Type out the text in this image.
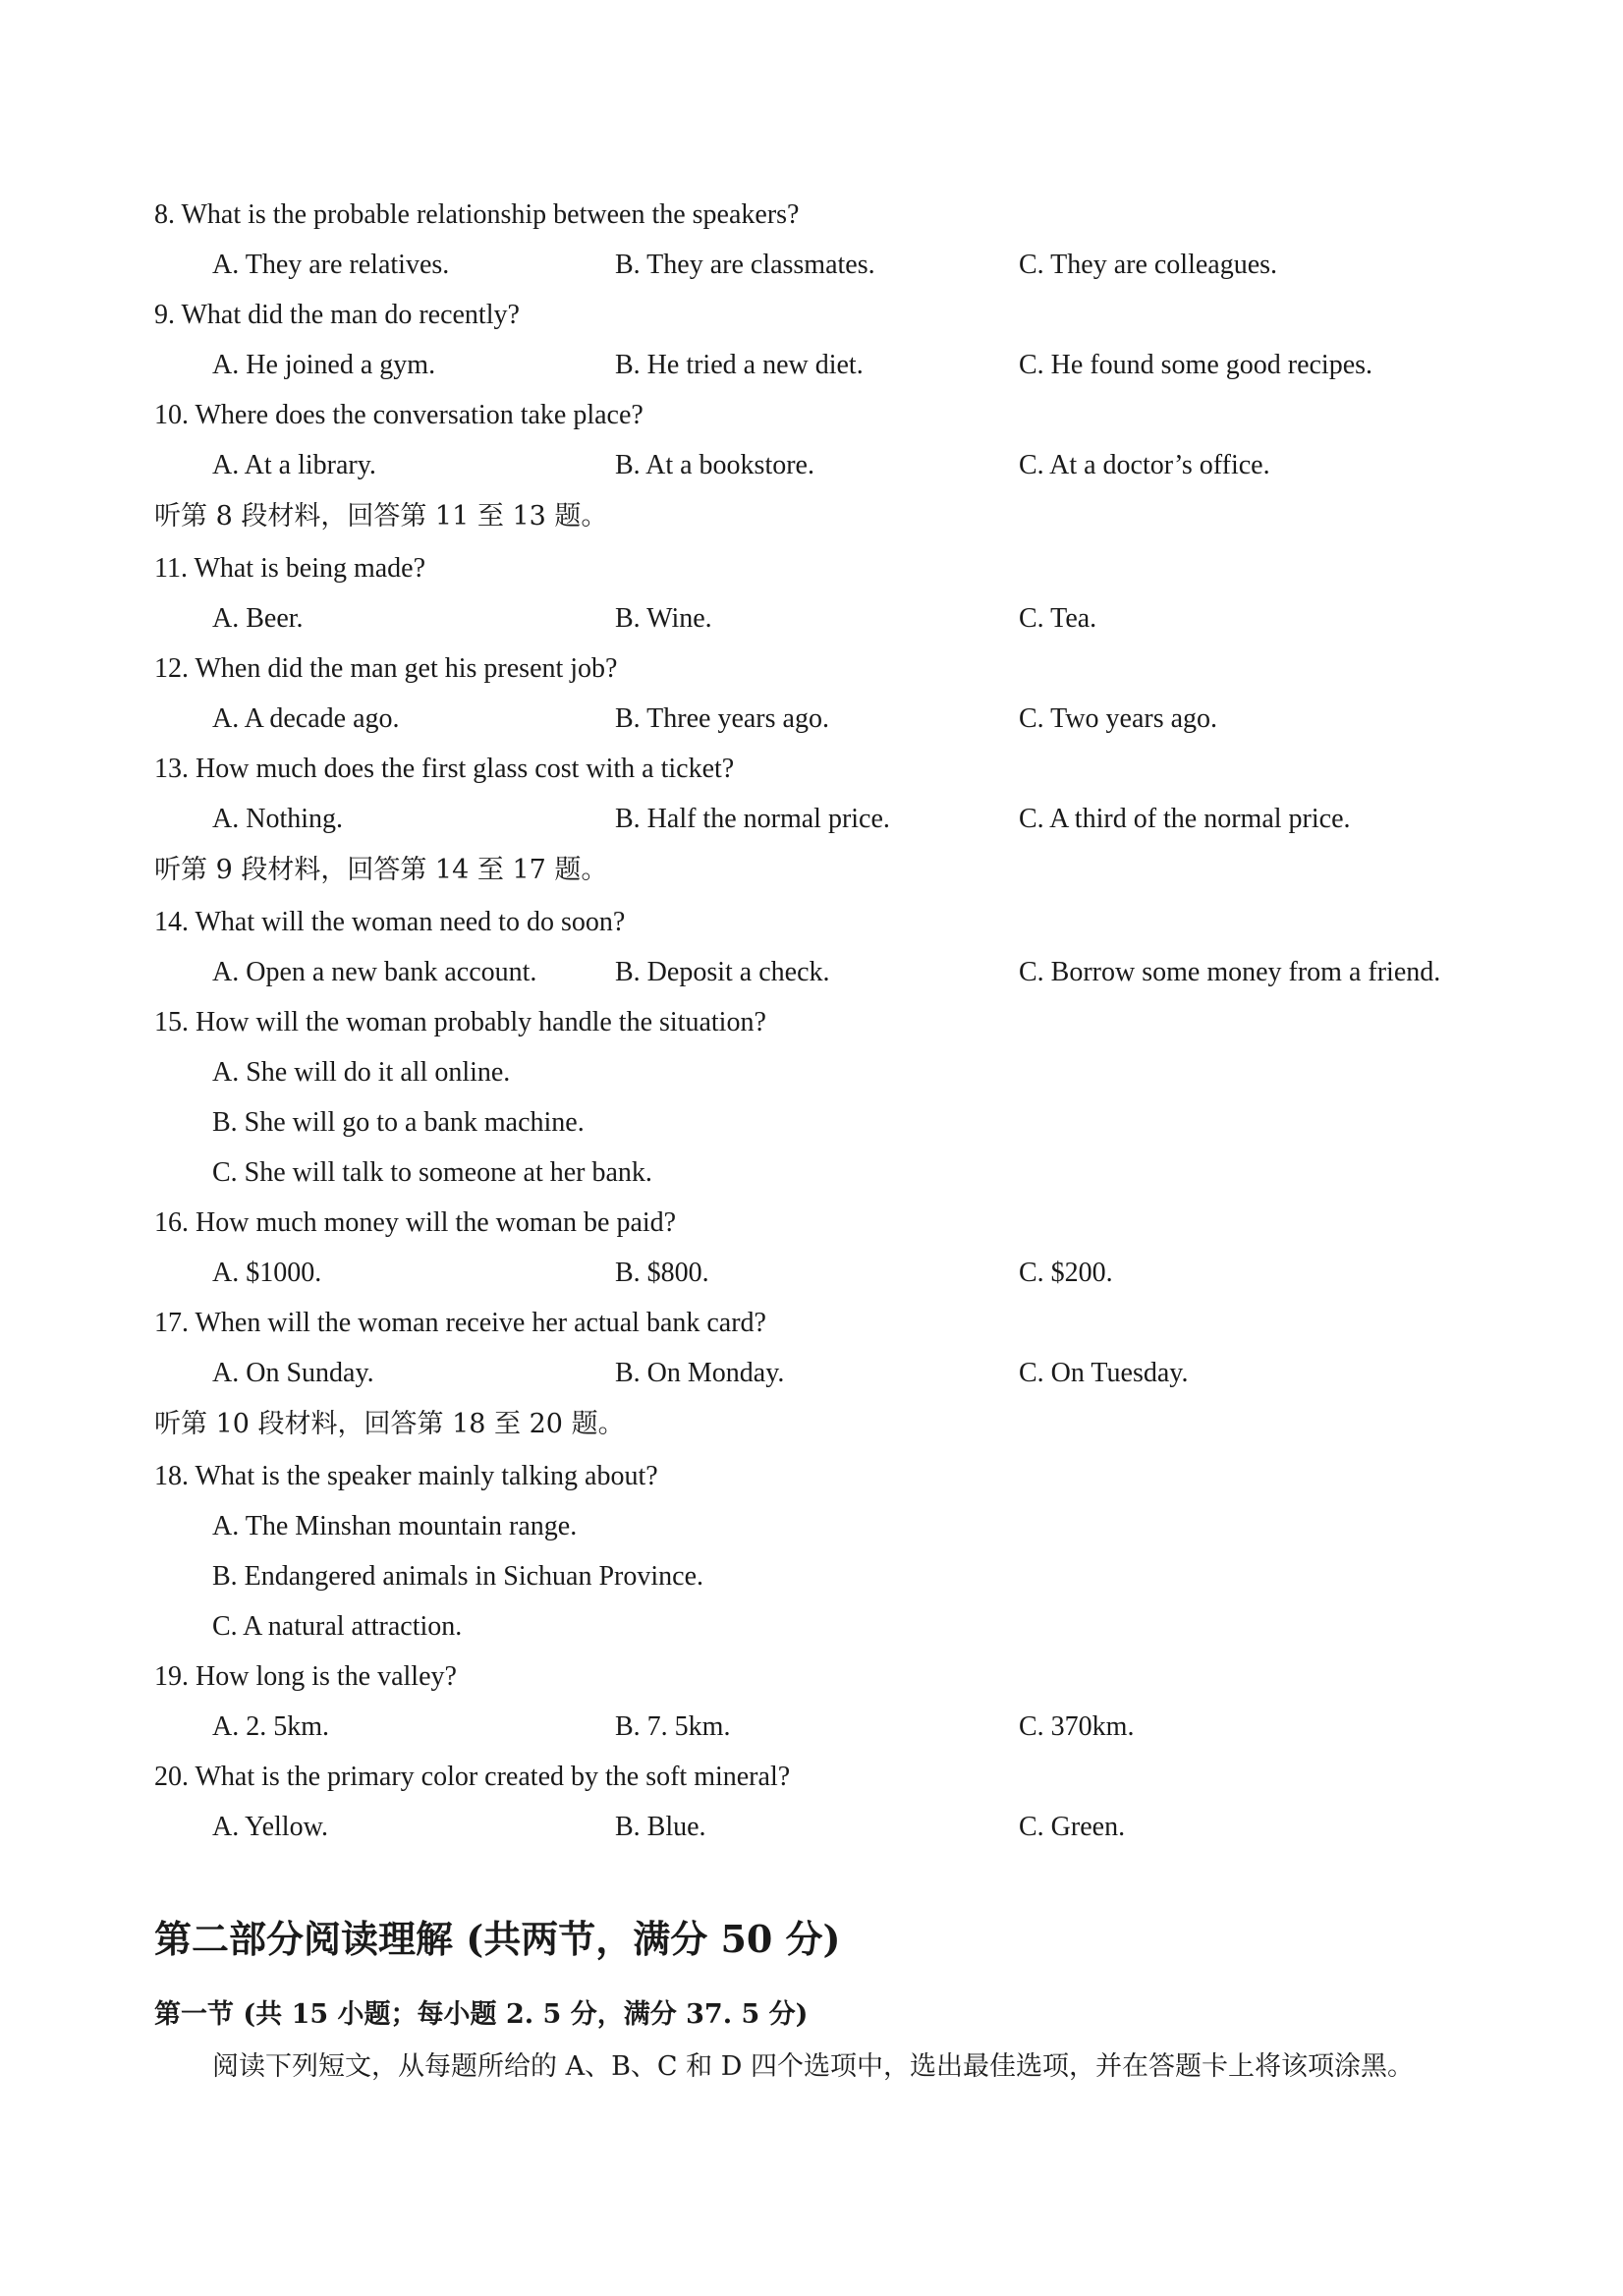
8. What is the probable relationship between the speakers?
A. They are relatives.	B. They are classmates.	C. They are colleagues.
9. What did the man do recently?
A. He joined a gym.	B. He tried a new diet.	C. He found some good recipes.
10. Where does the conversation take place?
A. At a library.	B. At a bookstore.	C. At a doctor’s office.
听第 8 段材料，回答第 11 至 13 题。
11. What is being made?
A. Beer.	B. Wine.	C. Tea.
12. When did the man get his present job?
A. A decade ago.	B. Three years ago.	C. Two years ago.
13. How much does the first glass cost with a ticket?
A. Nothing.	B. Half the normal price.	C. A third of the normal price.
听第 9 段材料，回答第 14 至 17 题。
14. What will the woman need to do soon?
A. Open a new bank account.	B. Deposit a check.	C. Borrow some money from a friend.
15. How will the woman probably handle the situation?
A. She will do it all online.
B. She will go to a bank machine.
C. She will talk to someone at her bank.
16. How much money will the woman be paid?
A. $1000.	B. $800.	C. $200.
17. When will the woman receive her actual bank card?
A. On Sunday.	B. On Monday.	C. On Tuesday.
听第 10 段材料，回答第 18 至 20 题。
18. What is the speaker mainly talking about?
A. The Minshan mountain range.
B. Endangered animals in Sichuan Province.
C. A natural attraction.
19. How long is the valley?
A. 2. 5km.	B. 7. 5km.	C. 370km.
20. What is the primary color created by the soft mineral?
A. Yellow.	B. Blue.	C. Green.
第二部分阅读理解 (共两节，满分 50 分)
第一节 (共 15 小题；每小题 2. 5 分，满分 37. 5 分)
阅读下列短文，从每题所给的 A、B、C 和 D 四个选项中，选出最佳选项，并在答题卡上将该项涂黑。
